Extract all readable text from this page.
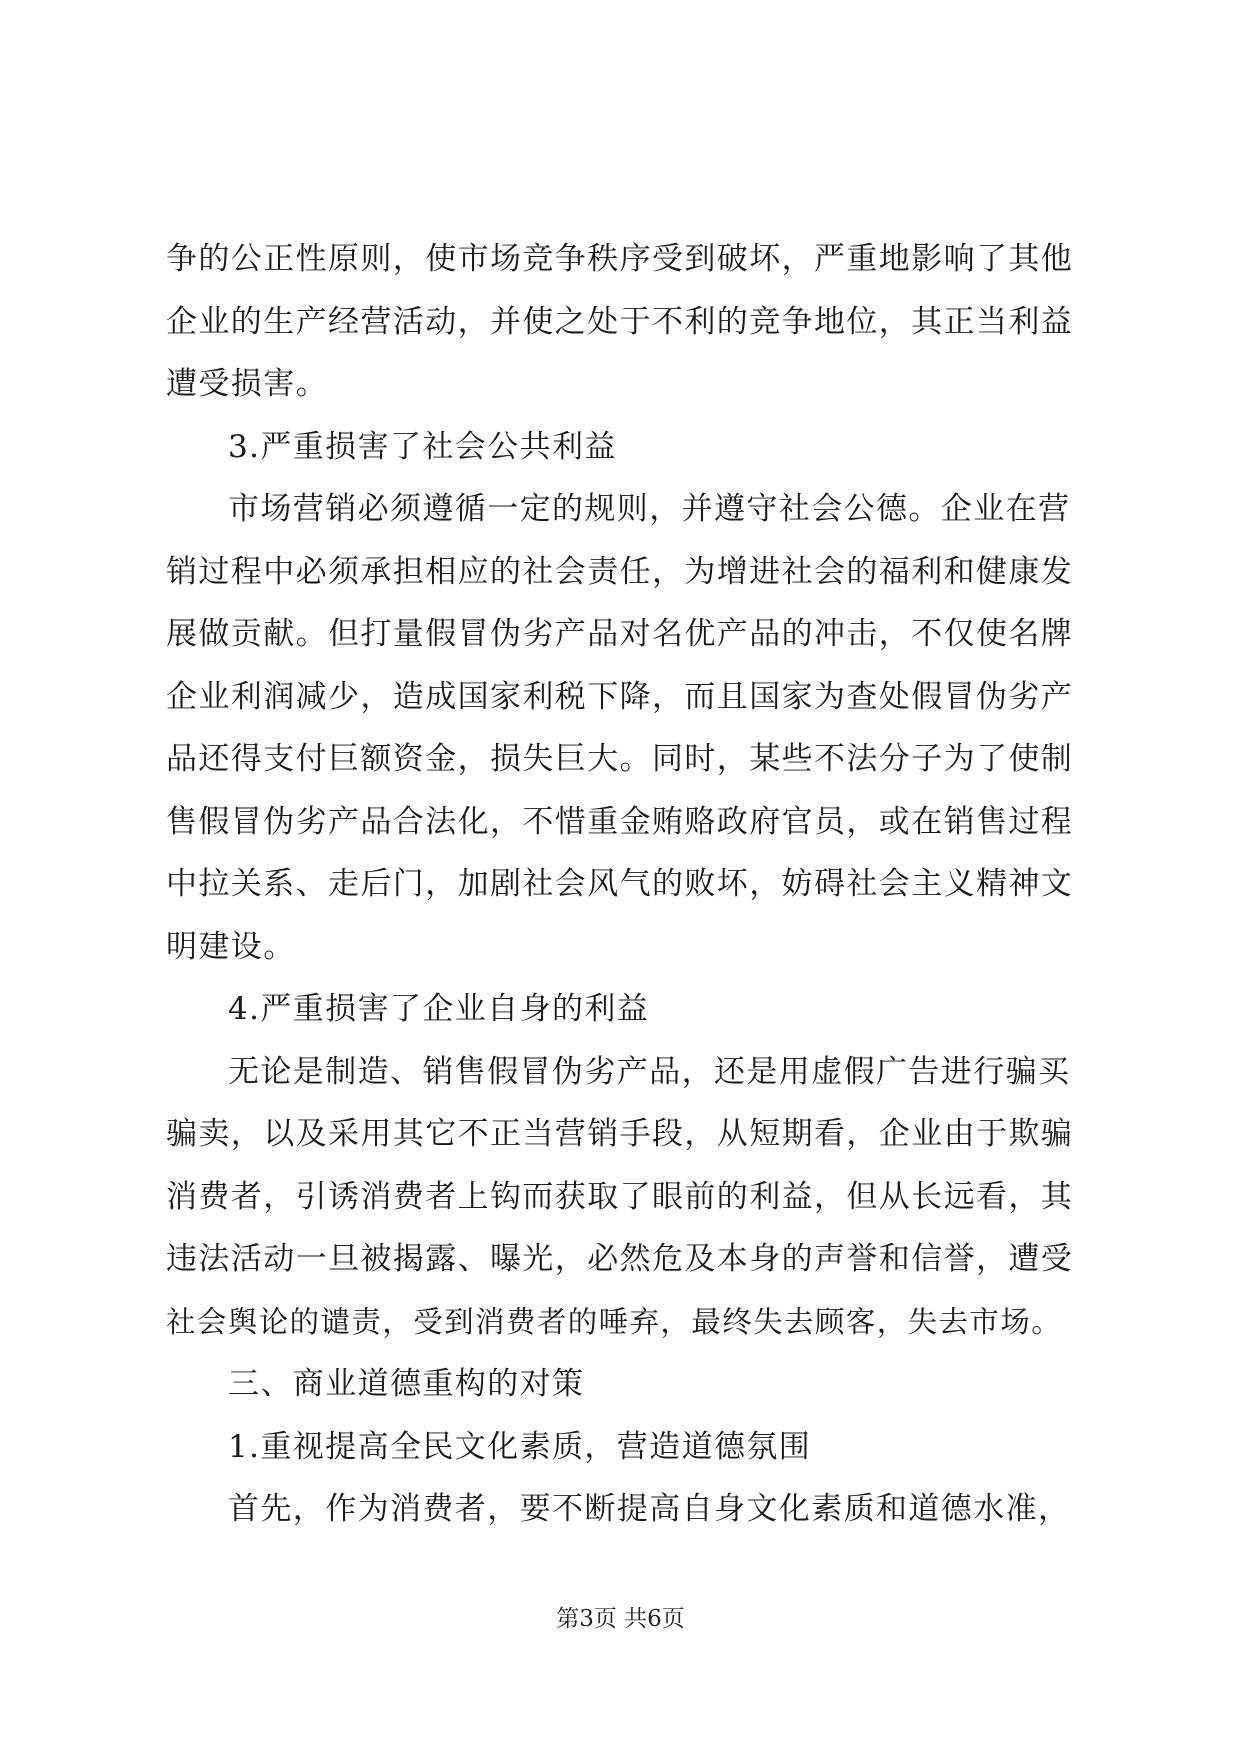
争的公正性原则，使市场竞争秩序受到破坏，严重地影响了其他
企业的生产经营活动，并使之处于不利的竞争地位，其正当利益
遭受损害。
3.严重损害了社会公共利益
市场营销必须遵循一定的规则，并遵守社会公德。企业在营
销过程中必须承担相应的社会责任，为增进社会的福利和健康发
展做贡献。但打量假冒伪劣产品对名优产品的冲击，不仅使名牌
企业利润减少，造成国家利税下降，而且国家为查处假冒伪劣产
品还得支付巨额资金，损失巨大。同时，某些不法分子为了使制
售假冒伪劣产品合法化，不惜重金贿赂政府官员，或在销售过程
中拉关系、走后门，加剧社会风气的败坏，妨碍社会主义精神文
明建设。
4.严重损害了企业自身的利益
无论是制造、销售假冒伪劣产品，还是用虚假广告进行骗买
骗卖，以及采用其它不正当营销手段，从短期看，企业由于欺骗
消费者，引诱消费者上钩而获取了眼前的利益，但从长远看，其
违法活动一旦被揭露、曝光，必然危及本身的声誉和信誉，遭受
社会舆论的谴责，受到消费者的唾弃，最终失去顾客，失去市场。
三、商业道德重构的对策
1.重视提高全民文化素质，营造道德氛围
首先，作为消费者，要不断提高自身文化素质和道德水准，
第3页 共6页
